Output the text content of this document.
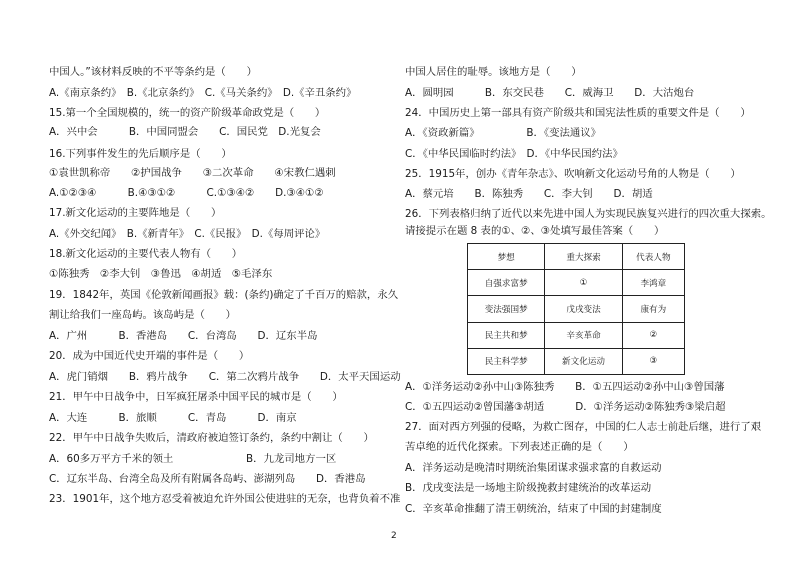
中国人。”该材料反映的不平等条约是（　　）
A.《南京条约》　B.《北京条约》　C.《马关条约》　D.《辛丑条约》
15.第一个全国规模的，统一的资产阶级革命政党是（　　）
A．兴中会　　　B．中国同盟会　　C．国民党　D.光复会
16.下列事件发生的先后顺序是（　　）
①袁世凯称帝　　②护国战争　　③二次革命　　④宋教仁遇刺
A.①②③④　　　B.④③①②　　　C.①③④②　　D.③④①②
17.新文化运动的主要阵地是（　　）
A.《外交纪闻》　B.《新青年》　C.《民报》　D.《每周评论》
18.新文化运动的主要代表人物有（　　）
①陈独秀　②李大钊　③鲁迅　④胡适　⑤毛泽东
19．1842年，英国《伦敦新闻画报》载：(条约)确定了千百万的赔款，永久
割让给我们一座岛屿。该岛屿是（　　）
A．广州　　　B．香港岛　　C．台湾岛　　D．辽东半岛
20．成为中国近代史开端的事件是（　　）
A．虎门销烟　　B．鸦片战争　　C．第二次鸦片战争　　D．太平天国运动
21．甲午中日战争中，日军疯狂屠杀中国平民的城市是（　　）
A．大连　　　B．旅顺　　　C．青岛　　　D．南京
22．甲午中日战争失败后，清政府被迫签订条约，条约中割让（　　）
A．60多万平方千米的领土　　　　　　　B．九龙司地方一区
C．辽东半岛、台湾全岛及所有附属各岛屿、澎湖列岛　　D．香港岛
23．1901年，这个地方忍受着被迫允许外国公使进驻的无奈，也背负着不准
中国人居住的耻辱。该地方是（　　）
A．圆明园　　　B．东交民巷　　C．威海卫　　D．大沽炮台
24．中国历史上第一部具有资产阶级共和国宪法性质的重要文件是（　　）
A．《资政新篇》　　　　　B．《变法通议》
C．《中华民国临时约法》　D．《中华民国约法》
25．1915年，创办《青年杂志》、吹响新文化运动号角的人物是（　　）
A．蔡元培　　B．陈独秀　　C．李大钊　　D．胡适
26．下列表格归纳了近代以来先进中国人为实现民族复兴进行的四次重大探索。
请接提示在题 8 表的①、②、③处填写最佳答案（　　）
梦想	重大探索	代表人物
自强求富梦	①	李鸿章
变法强国梦	戊戌变法	康有为
民主共和梦	辛亥革命	②
民主科学梦	新文化运动	③
A．①洋务运动②孙中山③陈独秀　　B．①五四运动②孙中山③曾国藩
C．①五四运动②曾国藩③胡适　　　D．①洋务运动②陈独秀③梁启超
27．面对西方列强的侵略，为救亡图存，中国的仁人志士前赴后继，进行了艰
苦卓绝的近代化探索。下列表述正确的是（　　）
A．洋务运动是晚清时期统治集团谋求强求富的自救运动
B．戊戌变法是一场地主阶级挽救封建统治的改革运动
C．辛亥革命推翻了清王朝统治，结束了中国的封建制度
2
